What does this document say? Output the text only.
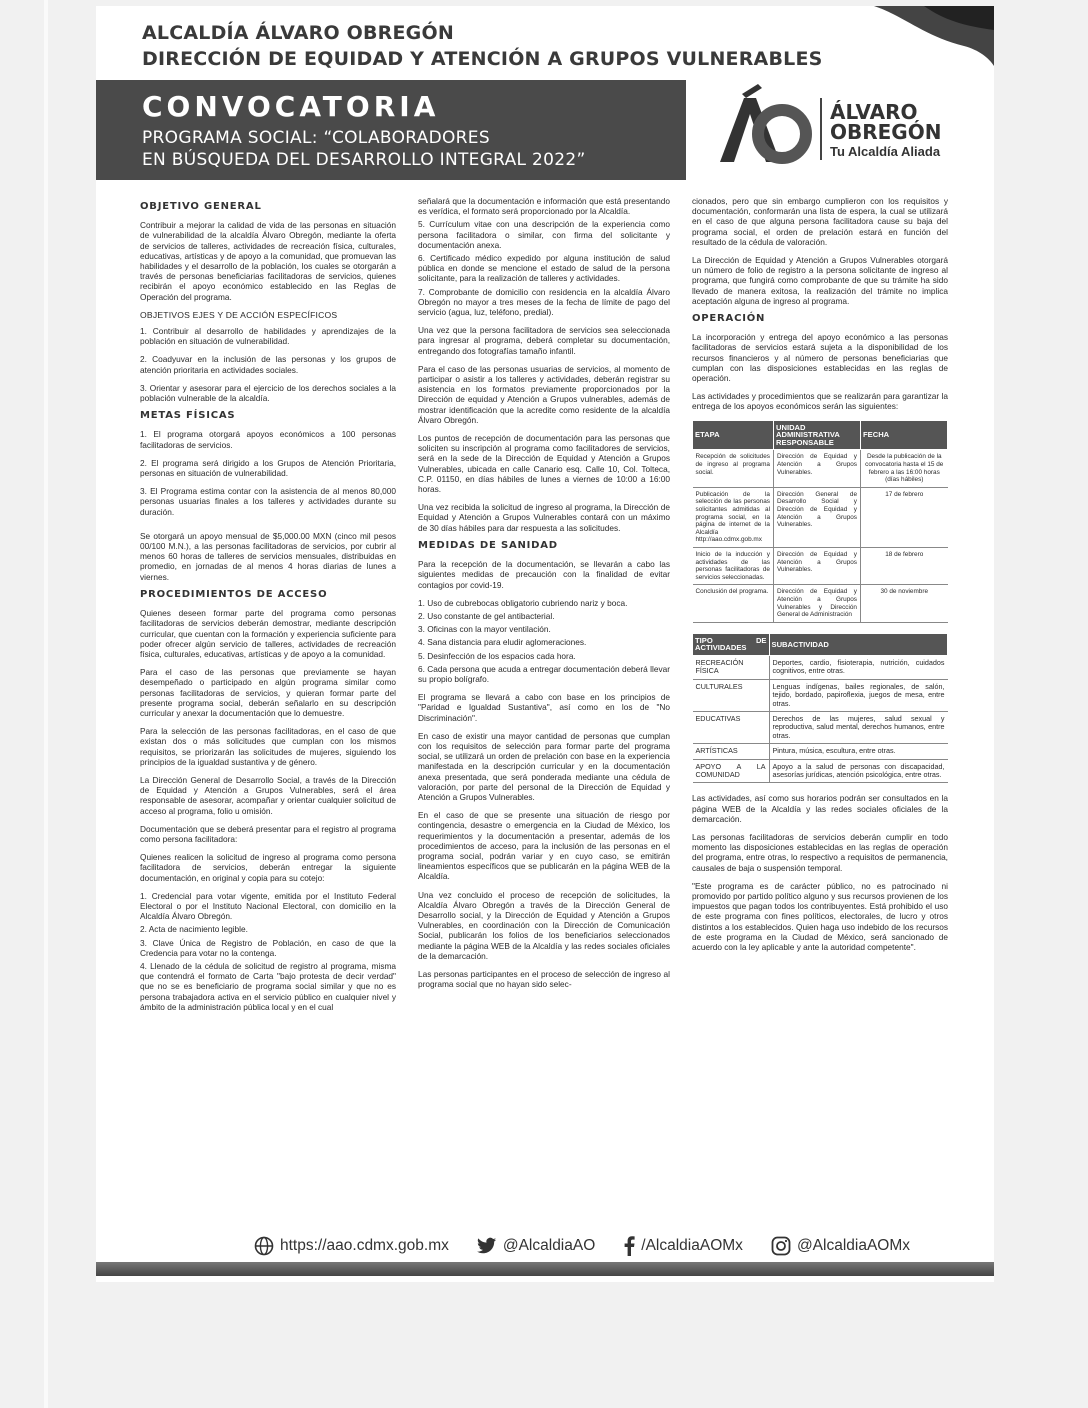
ALCALDÍA ÁLVARO OBREGÓN
DIRECCIÓN DE EQUIDAD Y ATENCIÓN A GRUPOS VULNERABLES
CONVOCATORIA
PROGRAMA SOCIAL: “COLABORADORES
EN BÚSQUEDA DEL DESARROLLO INTEGRAL 2022”
ÁLVARO
OBREGÓN
Tu Alcaldía Aliada
OBJETIVO GENERAL

Contribuir a mejorar la calidad de vida de las personas en situación de vulnerabilidad de la alcaldía Álvaro Obregón, mediante la oferta de servicios de talleres, actividades de recreación física, culturales, educativas, artísticas y de apoyo a la comunidad, que promuevan las habilidades y el desarrollo de la población, los cuales se otorgarán a través de personas beneficiarias facilitadoras de servicios, quienes recibirán el apoyo económico establecido en las Reglas de Operación del programa.

OBJETIVOS EJES Y DE ACCIÓN ESPECÍFICOS

1. Contribuir al desarrollo de habilidades y aprendizajes de la población en situación de vulnerabilidad.

2. Coadyuvar en la inclusión de las personas y los grupos de atención prioritaria en actividades sociales.

3. Orientar y asesorar para el ejercicio de los derechos sociales a la población vulnerable de la alcaldía.

METAS FÍSICAS

1. El programa otorgará apoyos económicos a 100 personas facilitadoras de servicios.

2. El programa será dirigido a los Grupos de Atención Prioritaria, personas en situación de vulnerabilidad.

3. El Programa estima contar con la asistencia de al menos 80,000 personas usuarias finales a los talleres y actividades durante su duración.

Se otorgará un apoyo mensual de $5,000.00 MXN (cinco mil pesos 00/100 M.N.), a las personas facilitadoras de servicios, por cubrir al menos 60 horas de talleres de servicios mensuales, distribuidas en promedio, en jornadas de al menos 4 horas diarias de lunes a viernes.

PROCEDIMIENTOS DE ACCESO

Quienes deseen formar parte del programa como personas facilitadoras de servicios deberán demostrar, mediante descripción curricular, que cuentan con la formación y experiencia suficiente para poder ofrecer algún servicio de talleres, actividades de recreación física, culturales, educativas, artísticas y de apoyo a la comunidad.

Para el caso de las personas que previamente se hayan desempeñado o participado en algún programa similar como personas facilitadoras de servicios, y quieran formar parte del presente programa social, deberán señalarlo en su descripción curricular y anexar la documentación que lo demuestre.

Para la selección de las personas facilitadoras, en el caso de que existan dos o más solicitudes que cumplan con los mismos requisitos, se priorizarán las solicitudes de mujeres, siguiendo los principios de la igualdad sustantiva y de género.

La Dirección General de Desarrollo Social, a través de la Dirección de Equidad y Atención a Grupos Vulnerables, será el área responsable de asesorar, acompañar y orientar cualquier solicitud de acceso al programa, folio u omisión.

Documentación que se deberá presentar para el registro al programa como persona facilitadora:

Quienes realicen la solicitud de ingreso al programa como persona facilitadora de servicios, deberán entregar la siguiente documentación, en original y copia para su cotejo:

1. Credencial para votar vigente, emitida por el Instituto Federal Electoral o por el Instituto Nacional Electoral, con domicilio en la Alcaldía Álvaro Obregón.

2. Acta de nacimiento legible.

3. Clave Única de Registro de Población, en caso de que la Credencia para votar no la contenga.

4. Llenado de la cédula de solicitud de registro al programa, misma que contendrá el formato de Carta "bajo protesta de decir verdad" que no se es beneficiario de programa social similar y que no es persona trabajadora activa en el servicio público en cualquier nivel y ámbito de la administración pública local y en el cual

señalará que la documentación e información que está presentando es verídica, el formato será proporcionado por la Alcaldía.

5. Currículum vitae con una descripción de la experiencia como persona facilitadora o similar, con firma del solicitante y documentación anexa.

6. Certificado médico expedido por alguna institución de salud pública en donde se mencione el estado de salud de la persona solicitante, para la realización de talleres y actividades.

7. Comprobante de domicilio con residencia en la alcaldía Álvaro Obregón no mayor a tres meses de la fecha de límite de pago del servicio (agua, luz, teléfono, predial).

Una vez que la persona facilitadora de servicios sea seleccionada para ingresar al programa, deberá completar su documentación, entregando dos fotografías tamaño infantil.

Para el caso de las personas usuarias de servicios, al momento de participar o asistir a los talleres y actividades, deberán registrar su asistencia en los formatos previamente proporcionados por la Dirección de equidad y Atención a Grupos vulnerables, además de mostrar identificación que la acredite como residente de la alcaldía Álvaro Obregón.

Los puntos de recepción de documentación para las personas que soliciten su inscripción al programa como facilitadores de servicios, será en la sede de la Dirección de Equidad y Atención a Grupos Vulnerables, ubicada en calle Canario esq. Calle 10, Col. Tolteca, C.P. 01150, en días hábiles de lunes a viernes de 10:00 a 16:00 horas.

Una vez recibida la solicitud de ingreso al programa, la Dirección de Equidad y Atención a Grupos Vulnerables contará con un máximo de 30 días hábiles para dar respuesta a las solicitudes.

MEDIDAS DE SANIDAD

Para la recepción de la documentación, se llevarán a cabo las siguientes medidas de precaución con la finalidad de evitar contagios por covid-19.

1. Uso de cubrebocas obligatorio cubriendo nariz y boca.

2. Uso constante de gel antibacterial.

3. Oficinas con la mayor ventilación.

4. Sana distancia para eludir aglomeraciones.

5. Desinfección de los espacios cada hora.

6. Cada persona que acuda a entregar documentación deberá llevar su propio bolígrafo.

El programa se llevará a cabo con base en los principios de "Paridad e Igualdad Sustantiva", así como en los de "No Discriminación".

En caso de existir una mayor cantidad de personas que cumplan con los requisitos de selección para formar parte del programa social, se utilizará un orden de prelación con base en la experiencia manifestada en la descripción curricular y en la documentación anexa presentada, que será ponderada mediante una cédula de valoración, por parte del personal de la Dirección de Equidad y Atención a Grupos Vulnerables.

En el caso de que se presente una situación de riesgo por contingencia, desastre o emergencia en la Ciudad de México, los requerimientos y la documentación a presentar, además de los procedimientos de acceso, para la inclusión de las personas en el programa social, podrán variar y en cuyo caso, se emitirán lineamientos específicos que se publicarán en la página WEB de la Alcaldía.

Una vez concluido el proceso de recepción de solicitudes, la Alcaldía Álvaro Obregón a través de la Dirección General de Desarrollo social, y la Dirección de Equidad y Atención a Grupos Vulnerables, en coordinación con la Dirección de Comunicación Social, publicarán los folios de los beneficiarios seleccionados mediante la página WEB de la Alcaldía y las redes sociales oficiales de la demarcación.

Las personas participantes en el proceso de selección de ingreso al programa social que no hayan sido selec-

cionados, pero que sin embargo cumplieron con los requisitos y documentación, conformarán una lista de espera, la cual se utilizará en el caso de que alguna persona facilitadora cause su baja del programa social, el orden de prelación estará en función del resultado de la cédula de valoración.

La Dirección de Equidad y Atención a Grupos Vulnerables otorgará un número de folio de registro a la persona solicitante de ingreso al programa, que fungirá como comprobante de que su trámite ha sido llevado de manera exitosa, la realización del trámite no implica aceptación alguna de ingreso al programa.

OPERACIÓN

La incorporación y entrega del apoyo económico a las personas facilitadoras de servicios estará sujeta a la disponibilidad de los recursos financieros y al número de personas beneficiarias que cumplan con las disposiciones establecidas en las reglas de operación.

Las actividades y procedimientos que se realizarán para garantizar la entrega de los apoyos económicos serán las siguientes:

ETAPA	UNIDAD ADMINISTRATIVA RESPONSABLE	FECHA
Recepción de solicitudes de ingreso al programa social.	Dirección de Equidad y Atención a Grupos Vulnerables.	Desde la publicación de la convocatoria hasta el 15 de febrero a las 16:00 horas (días hábiles)
Publicación de la selección de las personas solicitantes admitidas al programa social, en la página de internet de la Alcaldía http://aao.cdmx.gob.mx	Dirección General de Desarrollo Social y Dirección de Equidad y Atención a Grupos Vulnerables.	17 de febrero
Inicio de la inducción y actividades de las personas facilitadoras de servicios seleccionadas.	Dirección de Equidad y Atención a Grupos Vulnerables.	18 de febrero
Conclusión del programa.	Dirección de Equidad y Atención a Grupos Vulnerables y Dirección General de Administración	30 de noviembre
TIPO DE ACTIVIDADES	SUBACTIVIDAD
RECREACIÓN FÍSICA	Deportes, cardio, fisioterapia, nutrición, cuidados cognitivos, entre otras.
CULTURALES	Lenguas indígenas, bailes regionales, de salón, tejido, bordado, papiroflexia, juegos de mesa, entre otras.
EDUCATIVAS	Derechos de las mujeres, salud sexual y reproductiva, salud mental, derechos humanos, entre otras.
ARTÍSTICAS	Pintura, música, escultura, entre otras.
APOYO A LA COMUNIDAD	Apoyo a la salud de personas con discapacidad, asesorías jurídicas, atención psicológica, entre otras.

Las actividades, así como sus horarios podrán ser consultados en la página WEB de la Alcaldía y las redes sociales oficiales de la demarcación.

Las personas facilitadoras de servicios deberán cumplir en todo momento las disposiciones establecidas en las reglas de operación del programa, entre otras, lo respectivo a requisitos de permanencia, causales de baja o suspensión temporal.

"Este programa es de carácter público, no es patrocinado ni promovido por partido político alguno y sus recursos provienen de los impuestos que pagan todos los contribuyentes. Está prohibido el uso de este programa con fines políticos, electorales, de lucro y otros distintos a los establecidos. Quien haga uso indebido de los recursos de este programa en la Ciudad de México, será sancionado de acuerdo con la ley aplicable y ante la autoridad competente".

https://aao.cdmx.gob.mx	@AlcaldiaAO	/AlcaldiaAOMx	@AlcaldiaAOMx
